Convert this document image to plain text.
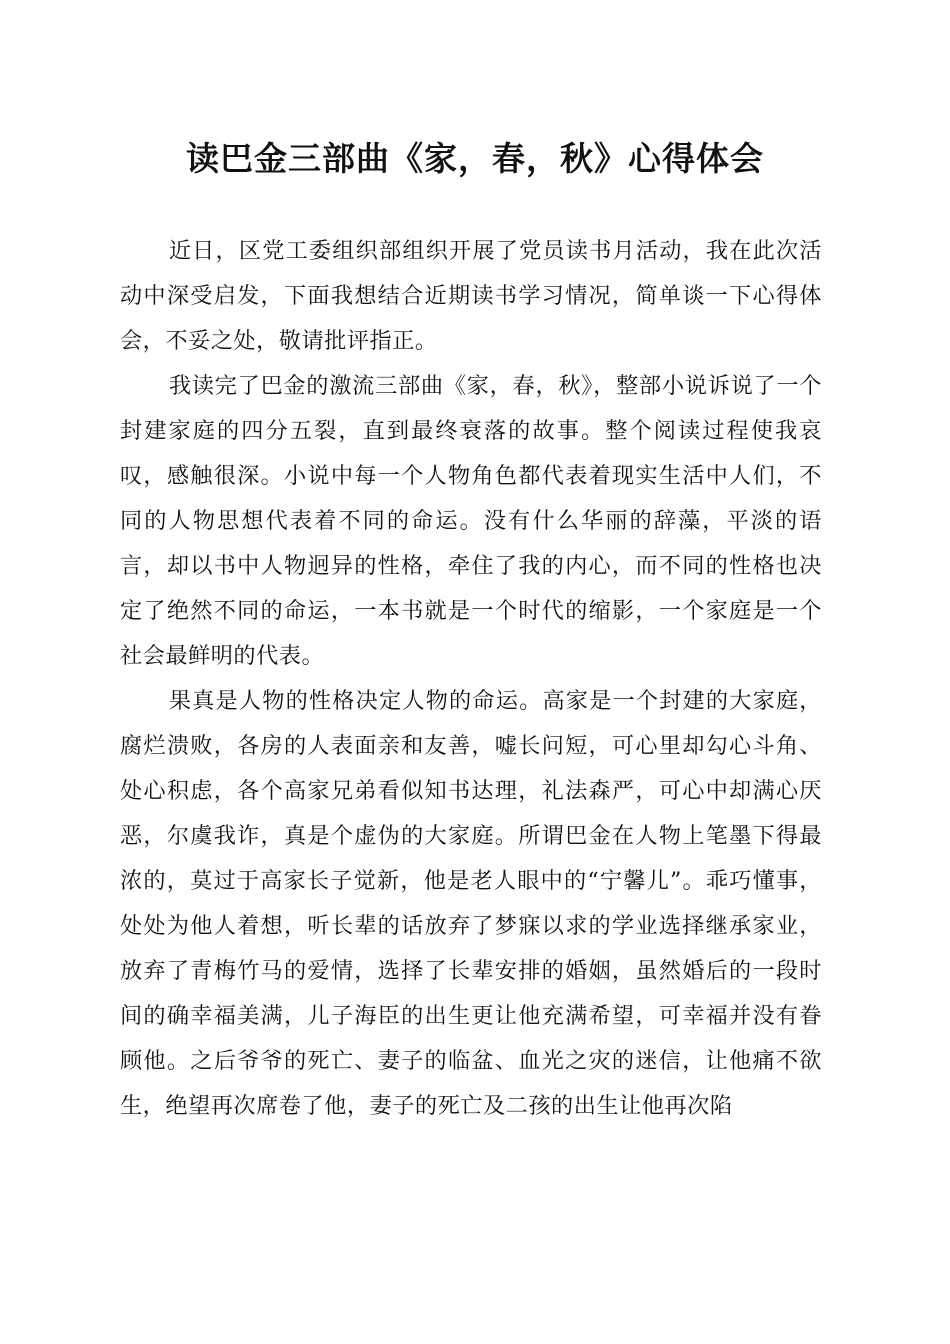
读巴金三部曲《家，春，秋》心得体会

近日，区党工委组织部组织开展了党员读书月活动，我在此次活动中深受启发，下面我想结合近期读书学习情况，简单谈一下心得体会，不妥之处，敬请批评指正。

我读完了巴金的激流三部曲《家，春，秋》，整部小说诉说了一个封建家庭的四分五裂，直到最终衰落的故事。整个阅读过程使我哀叹，感触很深。小说中每一个人物角色都代表着现实生活中人们，不同的人物思想代表着不同的命运。没有什么华丽的辞藻，平淡的语言，却以书中人物迥异的性格，牵住了我的内心，而不同的性格也决定了绝然不同的命运，一本书就是一个时代的缩影，一个家庭是一个社会最鲜明的代表。

果真是人物的性格决定人物的命运。高家是一个封建的大家庭，腐烂溃败，各房的人表面亲和友善，嘘长问短，可心里却勾心斗角、处心积虑，各个高家兄弟看似知书达理，礼法森严，可心中却满心厌恶，尔虞我诈，真是个虚伪的大家庭。所谓巴金在人物上笔墨下得最浓的，莫过于高家长子觉新，他是老人眼中的“宁馨儿”。乖巧懂事，处处为他人着想，听长辈的话放弃了梦寐以求的学业选择继承家业，放弃了青梅竹马的爱情，选择了长辈安排的婚姻，虽然婚后的一段时间的确幸福美满，儿子海臣的出生更让他充满希望，可幸福并没有眷顾他。之后爷爷的死亡、妻子的临盆、血光之灾的迷信，让他痛不欲生，绝望再次席卷了他，妻子的死亡及二孩的出生让他再次陷
